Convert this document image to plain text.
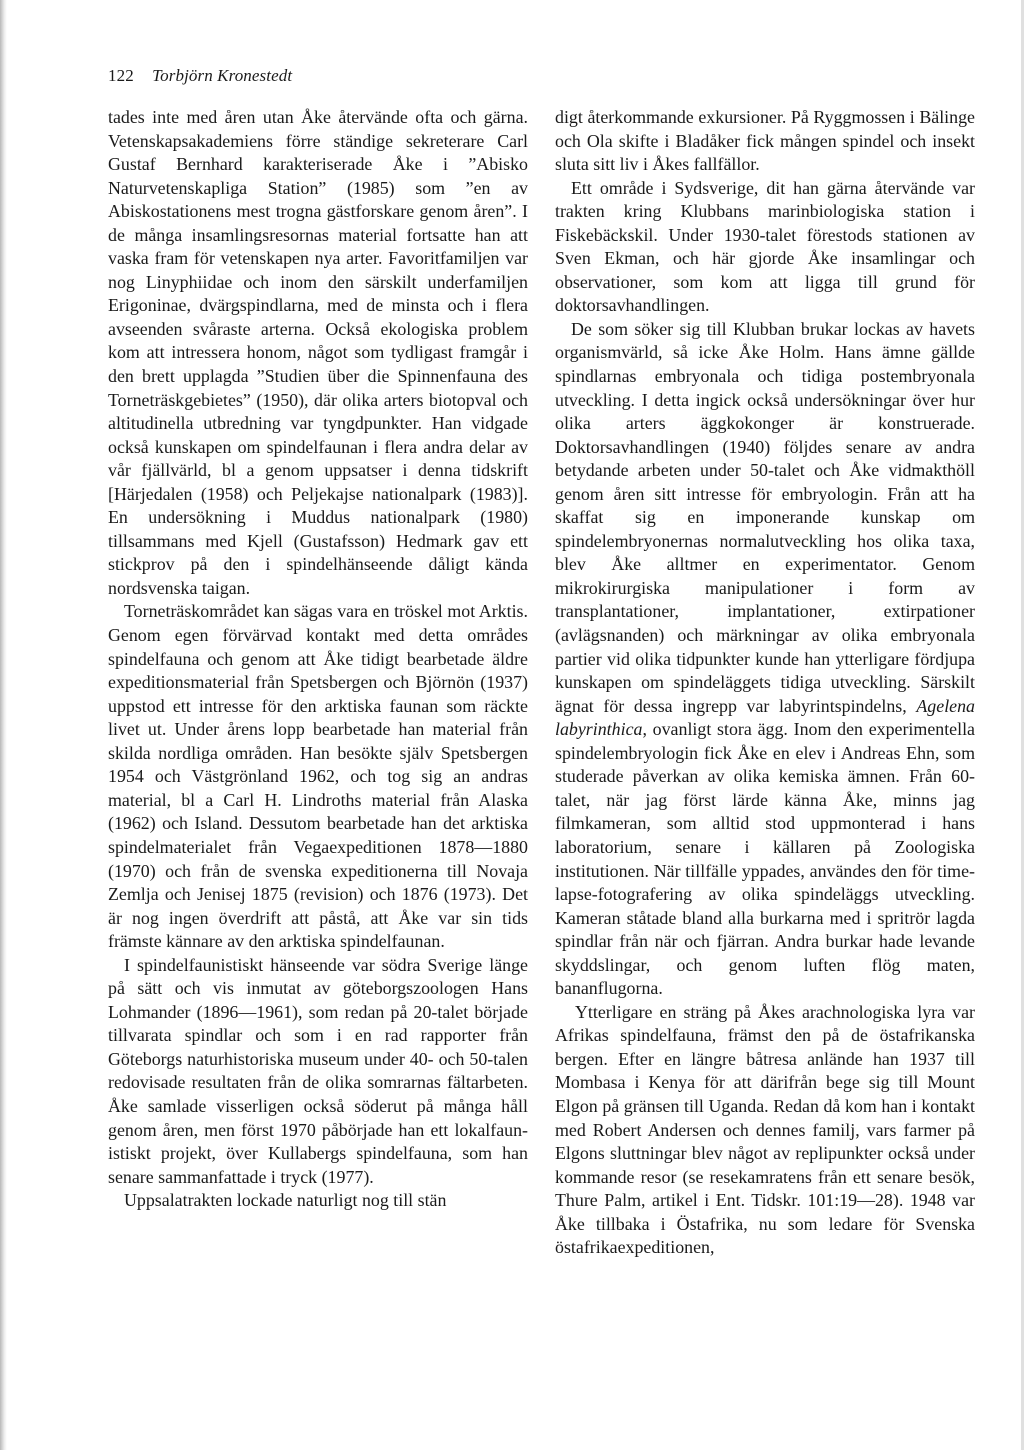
122 Torbjörn Kronestedt

tades inte med åren utan Åke återvände ofta och gärna. Vetenskapsakademiens förre ständige sekreterare Carl Gustaf Bernhard karakteriserade Åke i ”Abisko Naturvetenskapliga Station” (1985) som ”en av Abiskostationens mest trogna gästforskare genom åren”. I de många insamlingsresornas material fortsatte han att vaska fram för vetenskapen nya arter. Favoritfamiljen var nog Linyphiidae och inom den särskilt underfamiljen Erigoninae, dvärgspindlarna, med de minsta och i flera avseenden svåraste arterna. Också ekologiska problem kom att intressera honom, något som tydligast framgår i den brett upplagda ”Studien über die Spinnenfauna des Torneträskgebietes” (1950), där olika arters biotopval och altitudinella utbredning var tyngdpunkter. Han vidgade också kunskapen om spindelfaunan i flera andra delar av vår fjällvärld, bl a genom uppsatser i denna tidskrift [Härjedalen (1958) och Peljekajse nationalpark (1983)]. En undersökning i Muddus nationalpark (1980) tillsammans med Kjell (Gustafsson) Hedmark gav ett stickprov på den i spindelhänseende dåligt kända nordsvenska taigan.

Torneträskområdet kan sägas vara en tröskel mot Arktis. Genom egen förvärvad kontakt med detta områdes spindelfauna och genom att Åke tidigt bearbetade äldre expeditionsmaterial från Spetsbergen och Björnön (1937) uppstod ett intresse för den arktiska faunan som räckte livet ut. Under årens lopp bearbetade han material från skilda nordliga områden. Han besökte själv Spetsbergen 1954 och Västgrönland 1962, och tog sig an andras material, bl a Carl H. Lindroths material från Alaska (1962) och Island. Dessutom bearbetade han det arktiska spindelmaterialet från Vegaexpeditionen 1878—1880 (1970) och från de svenska expeditionerna till Novaja Zemlja och Jenisej 1875 (revision) och 1876 (1973). Det är nog ingen överdrift att påstå, att Åke var sin tids främste kännare av den arktiska spindelfaunan.

I spindelfaunistiskt hänseende var södra Sverige länge på sätt och vis inmutat av göteborgszoologen Hans Lohmander (1896—1961), som redan på 20-talet började tillvarata spindlar och som i en rad rapporter från Göteborgs naturhistoriska museum under 40- och 50-talen redovisade resultaten från de olika somrarnas fältarbeten. Åke samlade visserligen också söderut på många håll genom åren, men först 1970 påbörjade han ett lokalfaunistiskt projekt, över Kullabergs spindelfauna, som han senare sammanfattade i tryck (1977).

Uppsalatrakten lockade naturligt nog till stän

digt återkommande exkursioner. På Ryggmossen i Bälinge och Ola skifte i Bladåker fick mången spindel och insekt sluta sitt liv i Åkes fallfällor.

Ett område i Sydsverige, dit han gärna återvände var trakten kring Klubbans marinbiologiska station i Fiskebäckskil. Under 1930-talet förestods stationen av Sven Ekman, och här gjorde Åke insamlingar och observationer, som kom att ligga till grund för doktorsavhandlingen.

De som söker sig till Klubban brukar lockas av havets organismvärld, så icke Åke Holm. Hans ämne gällde spindlarnas embryonala och tidiga postembryonala utveckling. I detta ingick också undersökningar över hur olika arters äggkokonger är konstruerade. Doktorsavhandlingen (1940) följdes senare av andra betydande arbeten under 50-talet och Åke vidmakthöll genom åren sitt intresse för embryologin. Från att ha skaffat sig en imponerande kunskap om spindelembryonernas normalutveckling hos olika taxa, blev Åke alltmer en experimentator. Genom mikrokirurgiska manipulationer i form av transplantationer, implantationer, extirpationer (avlägsnanden) och märkningar av olika embryonala partier vid olika tidpunkter kunde han ytterligare fördjupa kunskapen om spindeläggets tidiga utveckling. Särskilt ägnat för dessa ingrepp var labyrintspindelns, Agelena labyrinthica, ovanligt stora ägg. Inom den experimentella spindelembryologin fick Åke en elev i Andreas Ehn, som studerade påverkan av olika kemiska ämnen. Från 60-talet, när jag först lärde känna Åke, minns jag filmkameran, som alltid stod uppmonterad i hans laboratorium, senare i källaren på Zoologiska institutionen. När tillfälle yppades, användes den för time-lapse-fotografering av olika spindeläggs utveckling. Kameran ståtade bland alla burkarna med i spritrör lagda spindlar från när och fjärran. Andra burkar hade levande skyddslingar, och genom luften flög maten, bananflugorna.

Ytterligare en sträng på Åkes arachnologiska lyra var Afrikas spindelfauna, främst den på de östafrikanska bergen. Efter en längre båtresa anlände han 1937 till Mombasa i Kenya för att därifrån bege sig till Mount Elgon på gränsen till Uganda. Redan då kom han i kontakt med Robert Andersen och dennes familj, vars farmer på Elgons sluttningar blev något av replipunkter också under kommande resor (se resekamratens från ett senare besök, Thure Palm, artikel i Ent. Tidskr. 101:19—28). 1948 var Åke tillbaka i Östafrika, nu som ledare för Svenska östafrikaexpeditionen,
